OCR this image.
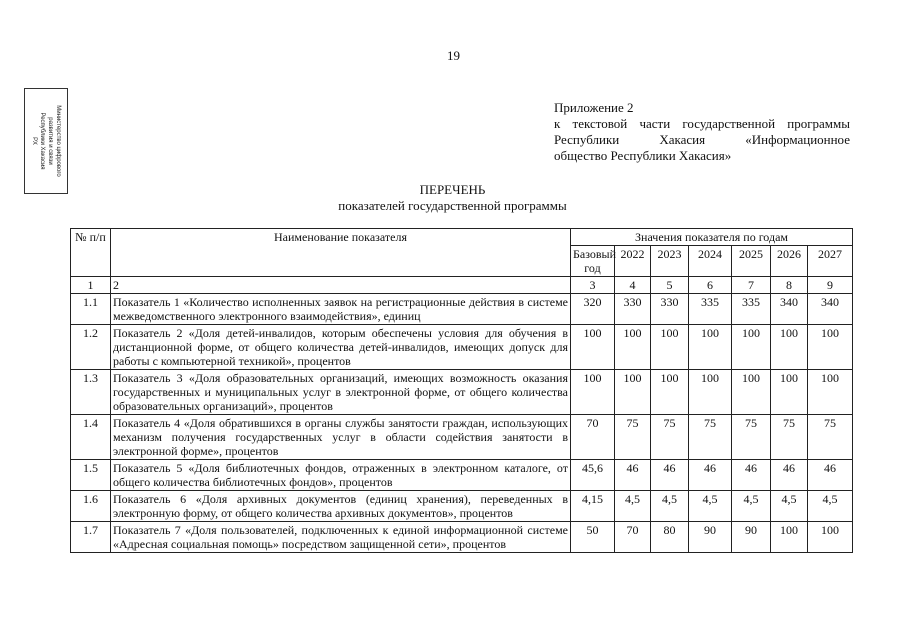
19
Министерство цифрового
развития и связи
Республики Хакасия
РХ
Приложение 2
к текстовой части государственной программы
Республики Хакасия «Информационное
общество Республики Хакасия»
ПЕРЕЧЕНЬ
показателей государственной программы
№ п/п	Наименование показателя	Значения показателя по годам						
		Базовый год	2022	2023	2024	2025	2026	2027
1	2	3	4	5	6	7	8	9
1.1	Показатель 1 «Количество исполненных заявок на регистрационные действия в системе межведомственного электронного взаимодействия», единиц	320	330	330	335	335	340	340
1.2	Показатель 2 «Доля детей-инвалидов, которым обеспечены условия для обучения в дистанционной форме, от общего количества детей-инвалидов, имеющих допуск для работы с компьютерной техникой», процентов	100	100	100	100	100	100	100
1.3	Показатель 3 «Доля образовательных организаций, имеющих возможность оказания государственных и муниципальных услуг в электронной форме, от общего количества образовательных организаций», процентов	100	100	100	100	100	100	100
1.4	Показатель 4 «Доля обратившихся в органы службы занятости граждан, использующих механизм получения государственных услуг в области содействия занятости в электронной форме», процентов	70	75	75	75	75	75	75
1.5	Показатель 5 «Доля библиотечных фондов, отраженных в электронном каталоге, от общего количества библиотечных фондов», процентов	45,6	46	46	46	46	46	46
1.6	Показатель 6 «Доля архивных документов (единиц хранения), переведенных в электронную форму, от общего количества архивных документов», процентов	4,15	4,5	4,5	4,5	4,5	4,5	4,5
1.7	Показатель 7 «Доля пользователей, подключенных к единой информационной системе «Адресная социальная помощь» посредством защищенной сети», процентов	50	70	80	90	90	100	100
